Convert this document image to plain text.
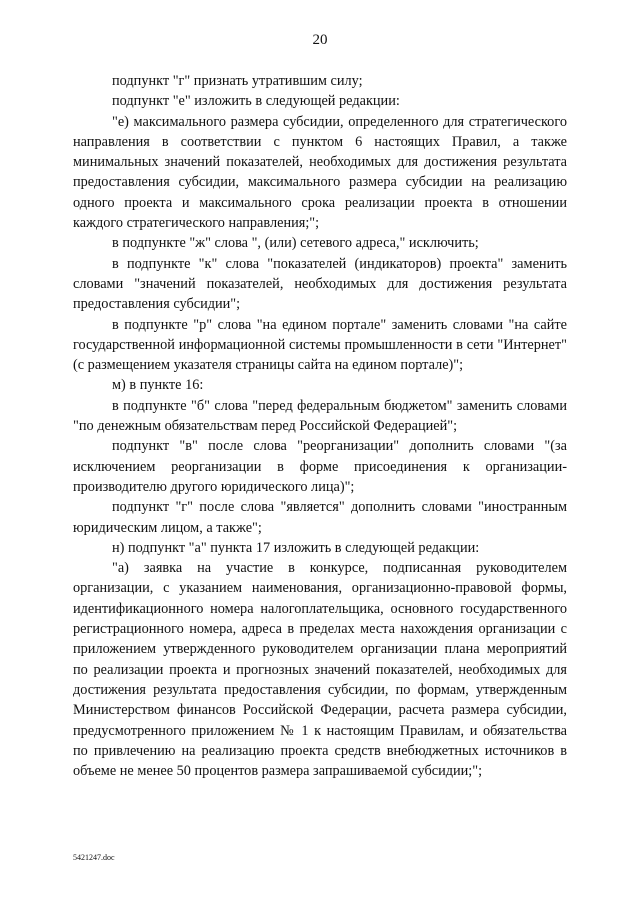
20

подпункт "г" признать утратившим силу;

подпункт "е" изложить в следующей редакции:

"е) максимального размера субсидии, определенного для стратегического направления в соответствии с пунктом 6 настоящих Правил, а также минимальных значений показателей, необходимых для достижения результата предоставления субсидии, максимального размера субсидии на реализацию одного проекта и максимального срока реализации проекта в отношении каждого стратегического направления;";

в подпункте "ж" слова ", (или) сетевого адреса," исключить;

в подпункте "к" слова "показателей (индикаторов) проекта" заменить словами "значений показателей, необходимых для достижения результата предоставления субсидии";

в подпункте "р" слова "на едином портале" заменить словами "на сайте государственной информационной системы промышленности в сети "Интернет" (с размещением указателя страницы сайта на едином портале)";

м) в пункте 16:

в подпункте "б" слова "перед федеральным бюджетом" заменить словами "по денежным обязательствам перед Российской Федерацией";

подпункт "в" после слова "реорганизации" дополнить словами "(за исключением реорганизации в форме присоединения к организации-производителю другого юридического лица)";

подпункт "г" после слова "является" дополнить словами "иностранным юридическим лицом, а также";

н) подпункт "а" пункта 17 изложить в следующей редакции:

"а) заявка на участие в конкурсе, подписанная руководителем организации, с указанием наименования, организационно-правовой формы, идентификационного номера налогоплательщика, основного государственного регистрационного номера, адреса в пределах места нахождения организации с приложением утвержденного руководителем организации плана мероприятий по реализации проекта и прогнозных значений показателей, необходимых для достижения результата предоставления субсидии, по формам, утвержденным Министерством финансов Российской Федерации, расчета размера субсидии, предусмотренного приложением № 1 к настоящим Правилам, и обязательства по привлечению на реализацию проекта средств внебюджетных источников в объеме не менее 50 процентов размера запрашиваемой субсидии;";

5421247.doc
